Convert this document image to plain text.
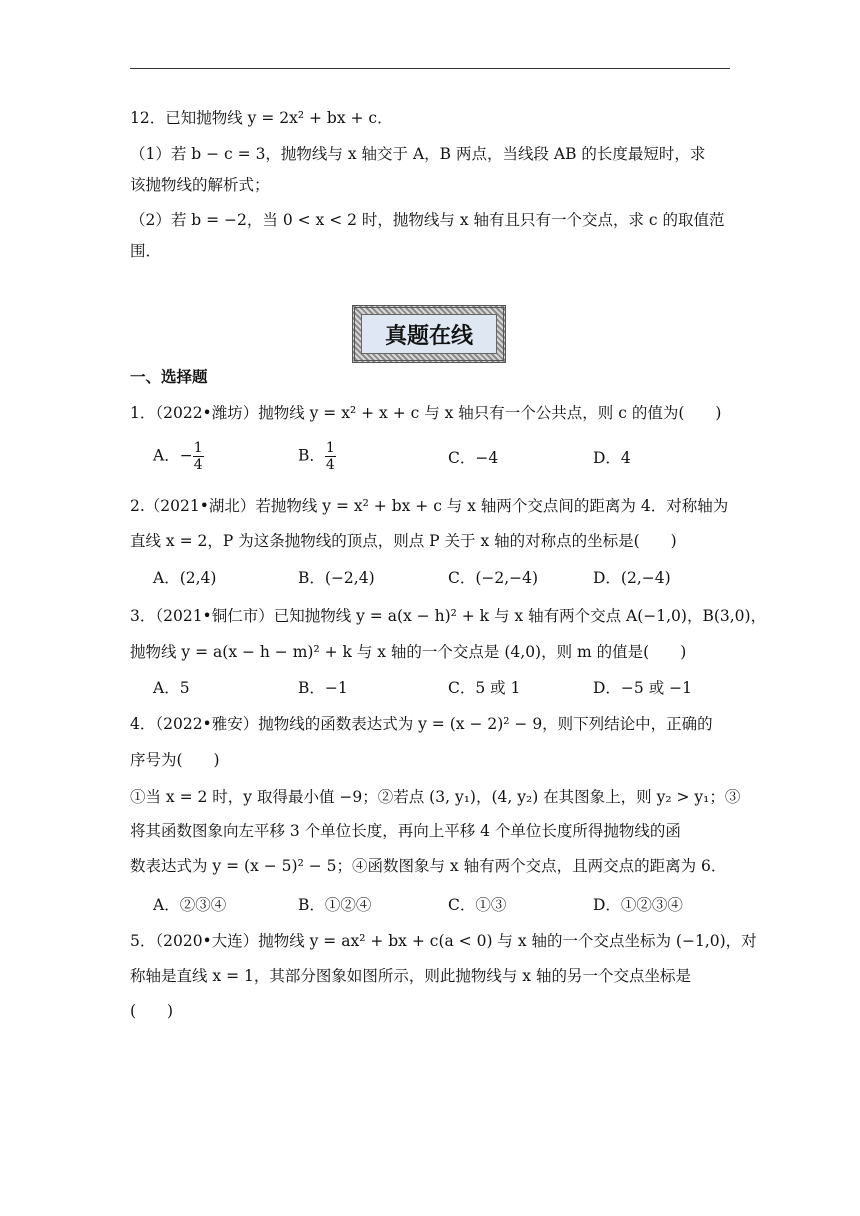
12．已知抛物线 y = 2x² + bx + c．
（1）若 b − c = 3，抛物线与 x 轴交于 A，B 两点，当线段 AB 的长度最短时，求
该抛物线的解析式；
（2）若 b = −2，当 0 < x < 2 时，抛物线与 x 轴有且只有一个交点，求 c 的取值范
围．
真题在线
一、选择题
1．（2022•潍坊）抛物线 y = x² + x + c 与 x 轴只有一个公共点，则 c 的值为(　　)
A．− $\frac{1}{4}$	B． $\frac{1}{4}$	C．−4	D．4
2.（2021•湖北）若抛物线 y = x² + bx + c 与 x 轴两个交点间的距离为 4．对称轴为
直线 x = 2，P 为这条抛物线的顶点，则点 P 关于 x 轴的对称点的坐标是(　　)
A．(2,4)	B．(−2,4)	C．(−2,−4)	D．(2,−4)
3．（2021•铜仁市）已知抛物线 y = a(x − h)² + k 与 x 轴有两个交点 A(−1,0)，B(3,0)，
抛物线 y = a(x − h − m)² + k 与 x 轴的一个交点是 (4,0)，则 m 的值是(　　)
A．5	B．−1	C．5 或 1	D．−5 或 −1
4．（2022•雅安）抛物线的函数表达式为 y = (x − 2)² − 9，则下列结论中，正确的
序号为(　　)
①当 x = 2 时，y 取得最小值 −9；②若点 (3, y₁)，(4, y₂) 在其图象上，则 y₂ > y₁；③
将其函数图象向左平移 3 个单位长度，再向上平移 4 个单位长度所得抛物线的函
数表达式为 y = (x − 5)² − 5；④函数图象与 x 轴有两个交点，且两交点的距离为 6．
A．②③④	B．①②④	C．①③	D．①②③④
5．（2020•大连）抛物线 y = ax² + bx + c(a < 0) 与 x 轴的一个交点坐标为 (−1,0)，对
称轴是直线 x = 1，其部分图象如图所示，则此抛物线与 x 轴的另一个交点坐标是
(　　)
